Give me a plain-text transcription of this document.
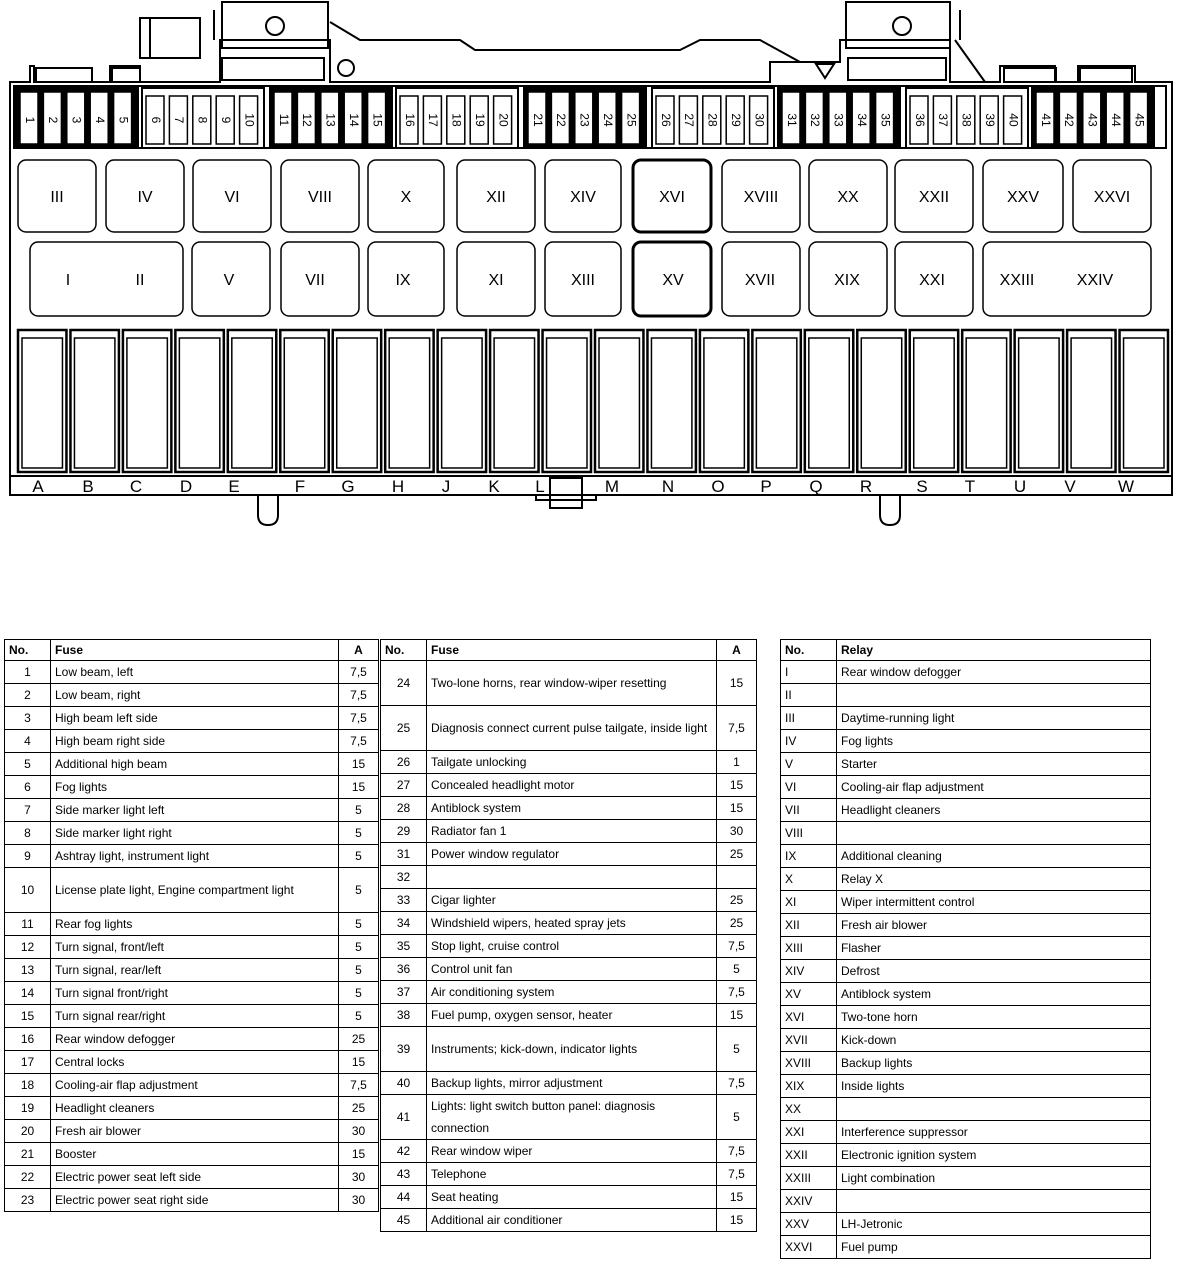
1 2 3 4 5 6 7 8 9 10 11 12 13 14 15 16 17 18 19 20 21 22 23 24 25 26 27 28 29 30 31 32 33 34 35 36 37 38 39 40 41 42 43 44 45
III	IV	VI	VIII	X	XII	XIV	XVI	XVIII	XX	XXII	XXV	XXVI
I	II	V	VII	IX	XI	XIII	XV	XVII	XIX	XXI	XXIII	XXIV
A B C D E	F G H J K L	M	N O P Q R	S T U V W
No.	Fuse	A
1	Low beam, left	7,5
2	Low beam, right	7,5
3	High beam left side	7,5
4	High beam right side	7,5
5	Additional high beam	15
6	Fog lights	15
7	Side marker light left	5
8	Side marker light right	5
9	Ashtray light, instrument light	5
10	License plate light, Engine compartment light	5
11	Rear fog lights	5
12	Turn signal, front/left	5
13	Turn signal, rear/left	5
14	Turn signal front/right	5
15	Turn signal rear/right	5
16	Rear window defogger	25
17	Central locks	15
18	Cooling-air flap adjustment	7,5
19	Headlight cleaners	25
20	Fresh air blower	30
21	Booster	15
22	Electric power seat left side	30
23	Electric power seat right side	30
No.	Fuse	A
24	Two-lone horns, rear window-wiper resetting	15
25	Diagnosis connect current pulse tailgate, inside light	7,5
26	Tailgate unlocking	1
27	Concealed headlight motor	15
28	Antiblock system	15
29	Radiator fan 1	30
31	Power window regulator	25
32		
33	Cigar lighter	25
34	Windshield wipers, heated spray jets	25
35	Stop light, cruise control	7,5
36	Control unit fan	5
37	Air conditioning system	7,5
38	Fuel pump, oxygen sensor, heater	15
39	Instruments; kick-down, indicator lights	5
40	Backup lights, mirror adjustment	7,5
41	Lights: light switch button panel: diagnosis connection	5
42	Rear window wiper	7,5
43	Telephone	7,5
44	Seat heating	15
45	Additional air conditioner	15
No.	Relay
I	Rear window defogger
II	
III	Daytime-running light
IV	Fog lights
V	Starter
VI	Cooling-air flap adjustment
VII	Headlight cleaners
VIII	
IX	Additional cleaning
X	Relay X
XI	Wiper intermittent control
XII	Fresh air blower
XIII	Flasher
XIV	Defrost
XV	Antiblock system
XVI	Two-tone horn
XVII	Kick-down
XVIII	Backup lights
XIX	Inside lights
XX	
XXI	Interference suppressor
XXII	Electronic ignition system
XXIII	Light combination
XXIV	
XXV	LH-Jetronic
XXVI	Fuel pump
